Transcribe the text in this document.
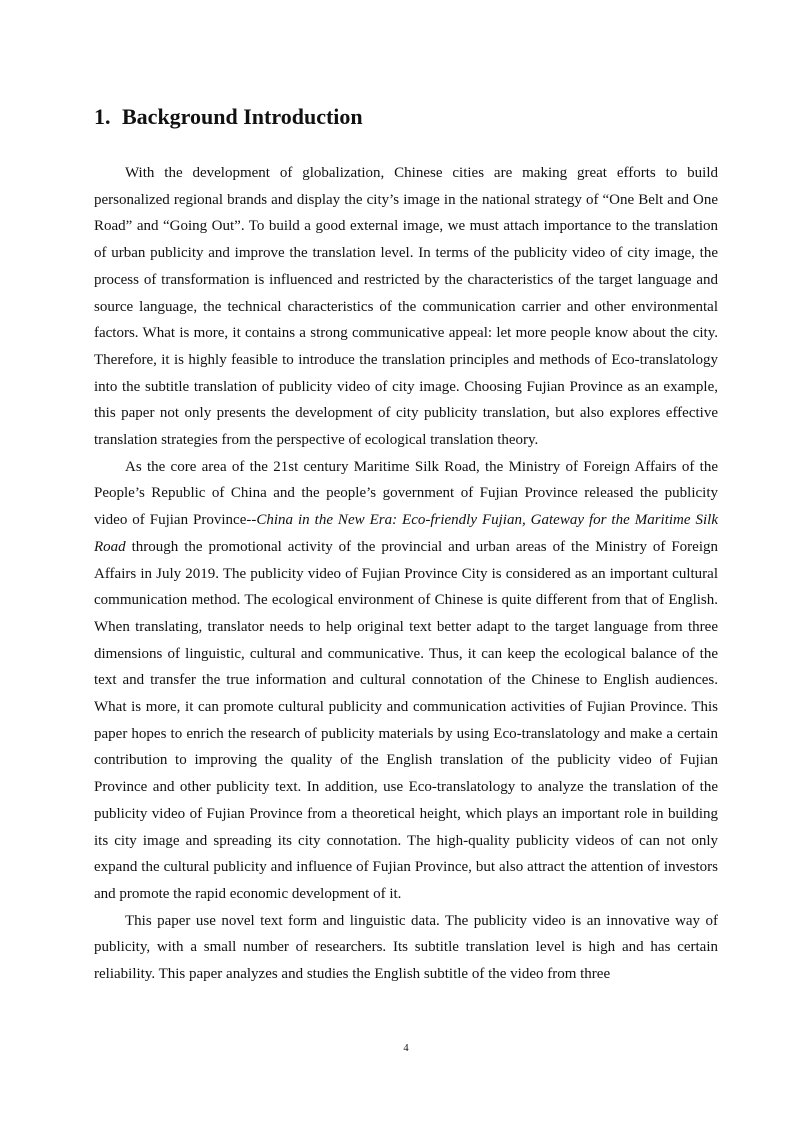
1. Background Introduction

With the development of globalization, Chinese cities are making great efforts to build personalized regional brands and display the city’s image in the national strategy of “One Belt and One Road” and “Going Out”. To build a good external image, we must attach importance to the translation of urban publicity and improve the translation level. In terms of the publicity video of city image, the process of transformation is influenced and restricted by the characteristics of the target language and source language, the technical characteristics of the communication carrier and other environmental factors. What is more, it contains a strong communicative appeal: let more people know about the city. Therefore, it is highly feasible to introduce the translation principles and methods of Eco-translatology into the subtitle translation of publicity video of city image. Choosing Fujian Province as an example, this paper not only presents the development of city publicity translation, but also explores effective translation strategies from the perspective of ecological translation theory.

As the core area of the 21st century Maritime Silk Road, the Ministry of Foreign Affairs of the People’s Republic of China and the people’s government of Fujian Province released the publicity video of Fujian Province--China in the New Era: Eco-friendly Fujian, Gateway for the Maritime Silk Road through the promotional activity of the provincial and urban areas of the Ministry of Foreign Affairs in July 2019. The publicity video of Fujian Province City is considered as an important cultural communication method. The ecological environment of Chinese is quite different from that of English. When translating, translator needs to help original text better adapt to the target language from three dimensions of linguistic, cultural and communicative. Thus, it can keep the ecological balance of the text and transfer the true information and cultural connotation of the Chinese to English audiences. What is more, it can promote cultural publicity and communication activities of Fujian Province. This paper hopes to enrich the research of publicity materials by using Eco-translatology and make a certain contribution to improving the quality of the English translation of the publicity video of Fujian Province and other publicity text. In addition, use Eco-translatology to analyze the translation of the publicity video of Fujian Province from a theoretical height, which plays an important role in building its city image and spreading its city connotation. The high-quality publicity videos of can not only expand the cultural publicity and influence of Fujian Province, but also attract the attention of investors and promote the rapid economic development of it.

This paper use novel text form and linguistic data. The publicity video is an innovative way of publicity, with a small number of researchers. Its subtitle translation level is high and has certain reliability. This paper analyzes and studies the English subtitle of the video from three

4
